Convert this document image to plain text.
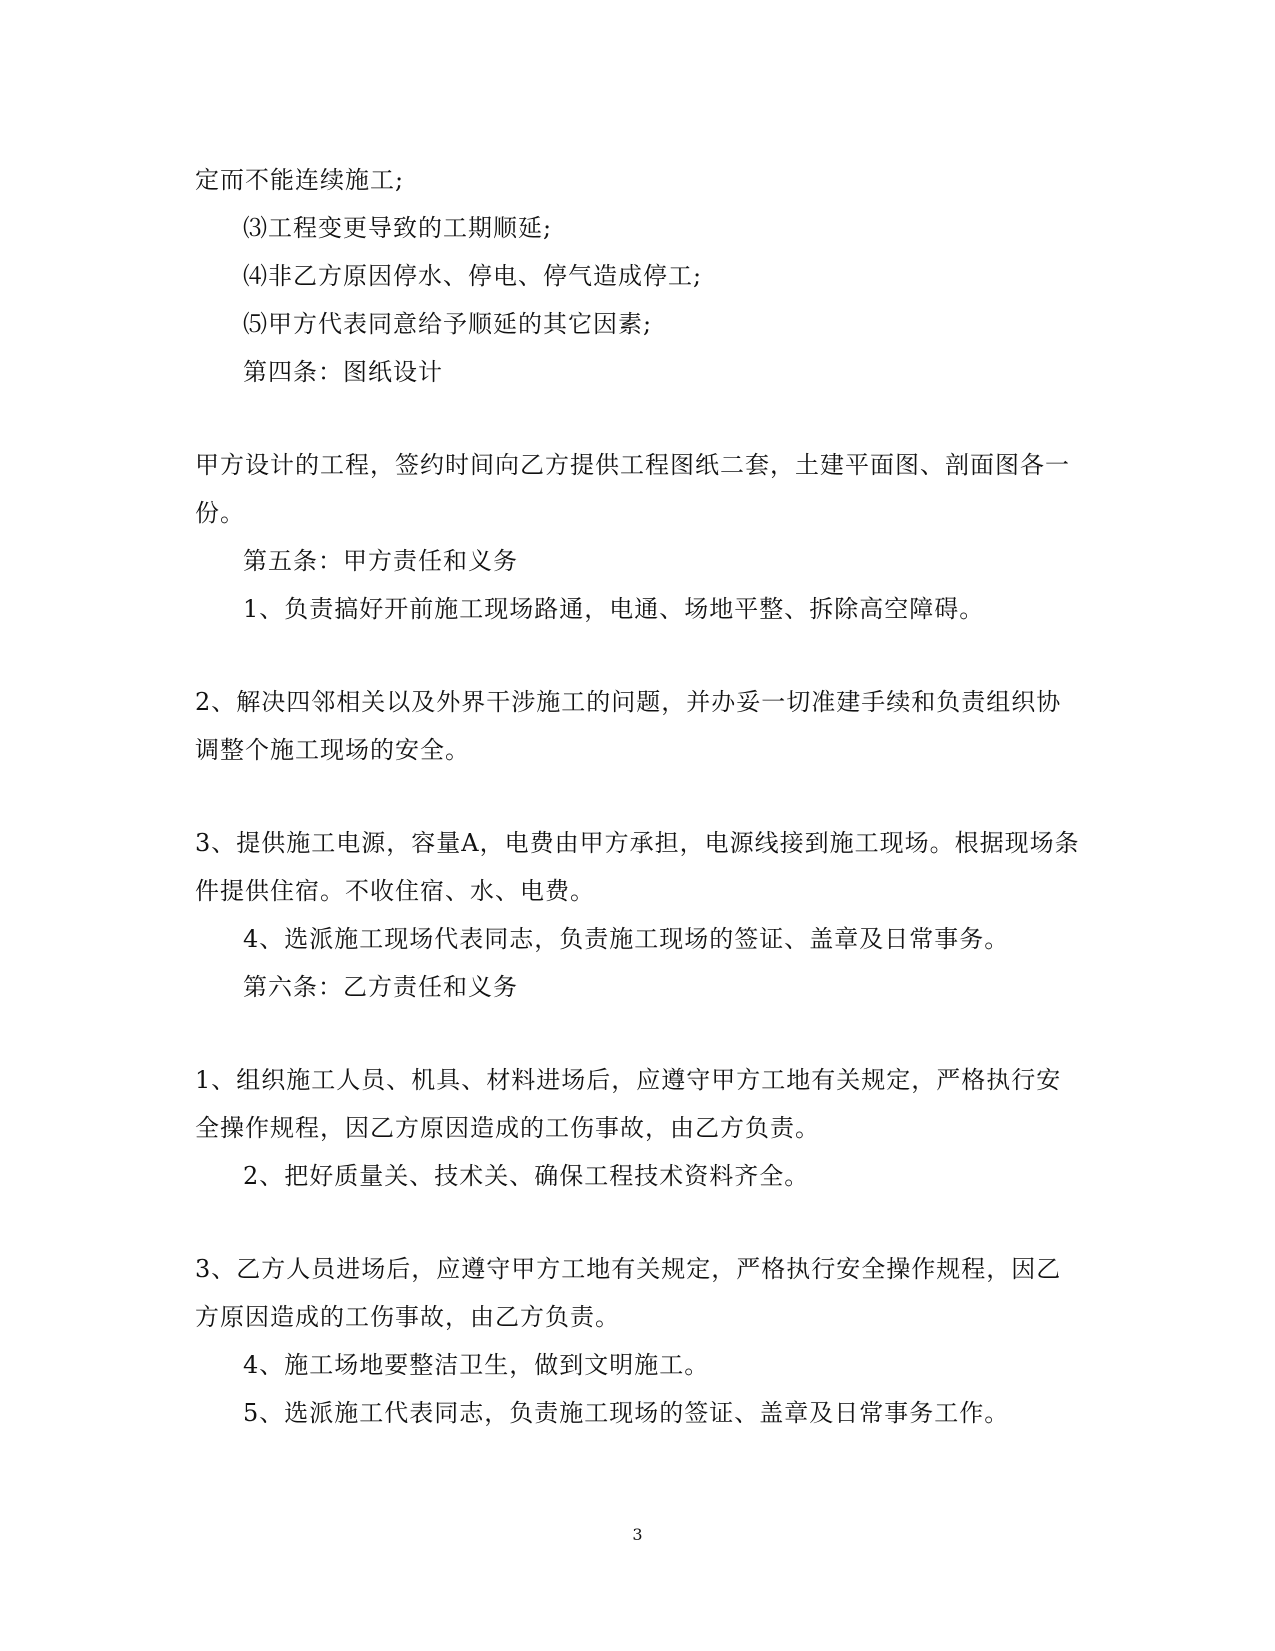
定而不能连续施工;
⑶工程变更导致的工期顺延;
⑷非乙方原因停水、停电、停气造成停工;
⑸甲方代表同意给予顺延的其它因素;
第四条：图纸设计
甲方设计的工程，签约时间向乙方提供工程图纸二套，土建平面图、剖面图各一
份。
第五条：甲方责任和义务
1、负责搞好开前施工现场路通，电通、场地平整、拆除高空障碍。
2、解决四邻相关以及外界干涉施工的问题，并办妥一切准建手续和负责组织协
调整个施工现场的安全。
3、提供施工电源，容量A，电费由甲方承担，电源线接到施工现场。根据现场条
件提供住宿。不收住宿、水、电费。
4、选派施工现场代表同志，负责施工现场的签证、盖章及日常事务。
第六条：乙方责任和义务
1、组织施工人员、机具、材料进场后，应遵守甲方工地有关规定，严格执行安
全操作规程，因乙方原因造成的工伤事故，由乙方负责。
2、把好质量关、技术关、确保工程技术资料齐全。
3、乙方人员进场后，应遵守甲方工地有关规定，严格执行安全操作规程，因乙
方原因造成的工伤事故，由乙方负责。
4、施工场地要整洁卫生，做到文明施工。
5、选派施工代表同志，负责施工现场的签证、盖章及日常事务工作。
3
